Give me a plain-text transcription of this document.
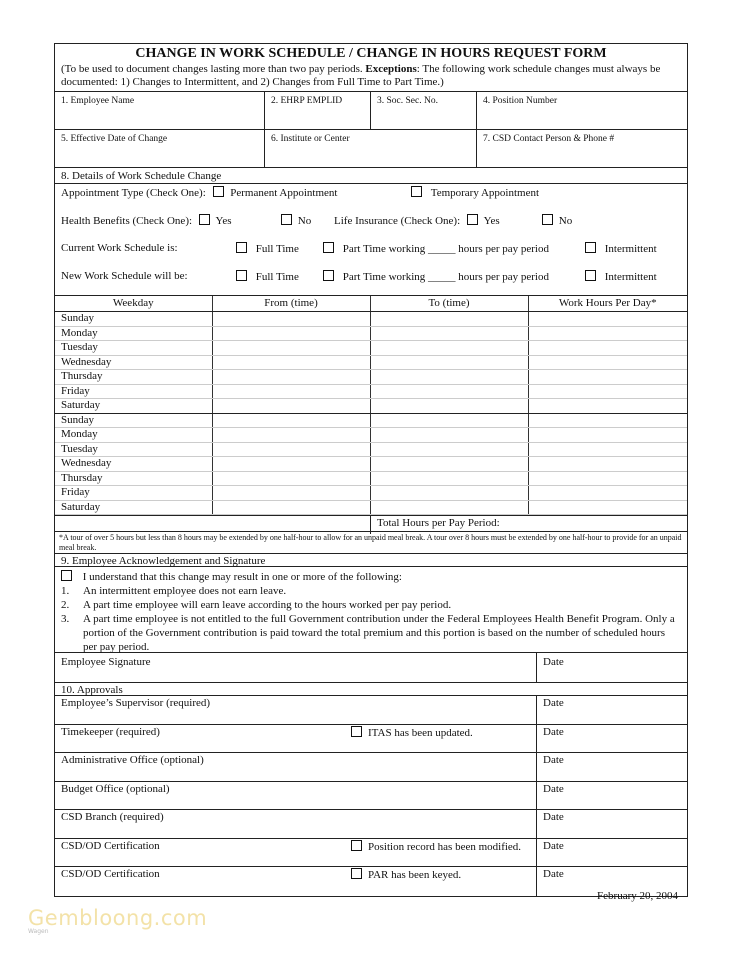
CHANGE IN WORK SCHEDULE / CHANGE IN HOURS REQUEST FORM
(To be used to document changes lasting more than two pay periods. Exceptions: The following work schedule changes must always be documented: 1) Changes to Intermittent, and 2) Changes from Full Time to Part Time.)
1. Employee Name	2. EHRP EMPLID	3. Soc. Sec. No.	4. Position Number
5. Effective Date of Change	6. Institute or Center	7. CSD Contact Person & Phone #
8. Details of Work Schedule Change
Appointment Type (Check One): Permanent Appointment	Temporary Appointment
Health Benefits (Check One): Yes	No Life Insurance (Check One): Yes	No
Current Work Schedule is:	Full Time	Part Time working _____ hours per pay period	Intermittent
New Work Schedule will be:	Full Time	Part Time working _____ hours per pay period	Intermittent
Weekday	From (time)	To (time)	Work Hours Per Day*
Sunday			
Monday			
Tuesday			
Wednesday			
Thursday			
Friday			
Saturday			
Sunday			
Monday			
Tuesday			
Wednesday			
Thursday			
Friday			
Saturday			
Total Hours per Pay Period:
*A tour of over 5 hours but less than 8 hours may be extended by one half-hour to allow for an unpaid meal break. A tour over 8 hours must be extended by one half-hour to provide for an unpaid meal break.
9. Employee Acknowledgement and Signature
I understand that this change may result in one or more of the following:
1.	An intermittent employee does not earn leave.
2.	A part time employee will earn leave according to the hours worked per pay period.
3.	A part time employee is not entitled to the full Government contribution under the Federal Employees Health Benefit Program. Only a portion of the Government contribution is paid toward the total premium and this portion is based on the number of scheduled hours per pay period.
Employee Signature	Date
10. Approvals
Employee’s Supervisor (required)	Date
Timekeeper (required)	ITAS has been updated.	Date
Administrative Office (optional)	Date
Budget Office (optional)	Date
CSD Branch (required)	Date
CSD/OD Certification	Position record has been modified.	Date
CSD/OD Certification	PAR has been keyed.	Date
February 20, 2004
Gembloong.com
Wagen
